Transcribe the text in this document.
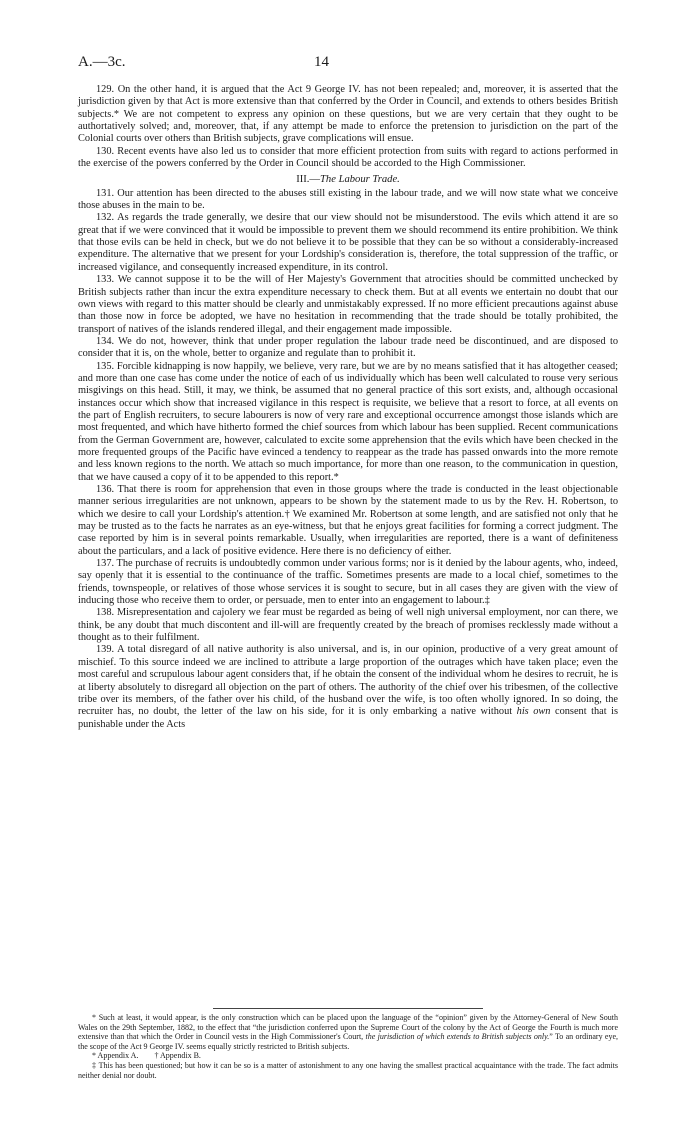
A.—3c.	14

129. On the other hand, it is argued that the Act 9 George IV. has not been repealed; and, moreover, it is asserted that the jurisdiction given by that Act is more extensive than that conferred by the Order in Council, and extends to others besides British subjects.* We are not competent to express any opinion on these questions, but we are very certain that they ought to be authortatively solved; and, moreover, that, if any attempt be made to enforce the pretension to jurisdiction on the part of the Colonial courts over others than British subjects, grave complications will ensue.

130. Recent events have also led us to consider that more efficient protection from suits with regard to actions performed in the exercise of the powers conferred by the Order in Council should be accorded to the High Commissioner.

III.—The Labour Trade.

131. Our attention has been directed to the abuses still existing in the labour trade, and we will now state what we conceive those abuses in the main to be.

132. As regards the trade generally, we desire that our view should not be misunderstood. The evils which attend it are so great that if we were convinced that it would be impossible to prevent them we should recommend its entire prohibition. We think that those evils can be held in check, but we do not believe it to be possible that they can be so without a considerably-increased expenditure. The alternative that we present for your Lordship's consideration is, therefore, the total suppression of the traffic, or increased vigilance, and consequently increased expenditure, in its control.

133. We cannot suppose it to be the will of Her Majesty's Government that atrocities should be committed unchecked by British subjects rather than incur the extra expenditure necessary to check them. But at all events we entertain no doubt that our own views with regard to this matter should be clearly and unmistakably expressed. If no more efficient precautions against abuse than those now in force be adopted, we have no hesitation in recommending that the trade should be totally prohibited, the transport of natives of the islands rendered illegal, and their engagement made impossible.

134. We do not, however, think that under proper regulation the labour trade need be discontinued, and are disposed to consider that it is, on the whole, better to organize and regulate than to prohibit it.

135. Forcible kidnapping is now happily, we believe, very rare, but we are by no means satisfied that it has altogether ceased; and more than one case has come under the notice of each of us individually which has been well calculated to rouse very serious misgivings on this head. Still, it may, we think, be assumed that no general practice of this sort exists, and, although occasional instances occur which show that increased vigilance in this respect is requisite, we believe that a resort to force, at all events on the part of English recruiters, to secure labourers is now of very rare and exceptional occurrence amongst those islands which are most frequented, and which have hitherto formed the chief sources from which labour has been supplied. Recent communications from the German Government are, however, calculated to excite some apprehension that the evils which have been checked in the more frequented groups of the Pacific have evinced a tendency to reappear as the trade has passed onwards into the more remote and less known regions to the north. We attach so much importance, for more than one reason, to the communication in question, that we have caused a copy of it to be appended to this report.*

136. That there is room for apprehension that even in those groups where the trade is conducted in the least objectionable manner serious irregularities are not unknown, appears to be shown by the statement made to us by the Rev. H. Robertson, to which we desire to call your Lordship's attention.† We examined Mr. Robertson at some length, and are satisfied not only that he may be trusted as to the facts he narrates as an eye-witness, but that he enjoys great facilities for forming a correct judgment. The case reported by him is in several points remarkable. Usually, when irregularities are reported, there is a want of definiteness about the particulars, and a lack of positive evidence. Here there is no deficiency of either.

137. The purchase of recruits is undoubtedly common under various forms; nor is it denied by the labour agents, who, indeed, say openly that it is essential to the continuance of the traffic. Sometimes presents are made to a local chief, sometimes to the friends, townspeople, or relatives of those whose services it is sought to secure, but in all cases they are given with the view of inducing those who receive them to order, or persuade, men to enter into an engagement to labour.‡

138. Misrepresentation and cajolery we fear must be regarded as being of well nigh universal employment, nor can there, we think, be any doubt that much discontent and ill-will are frequently created by the breach of promises recklessly made without a thought as to their fulfilment.

139. A total disregard of all native authority is also universal, and is, in our opinion, productive of a very great amount of mischief. To this source indeed we are inclined to attribute a large proportion of the outrages which have taken place; even the most careful and scrupulous labour agent considers that, if he obtain the consent of the individual whom he desires to recruit, he is at liberty absolutely to disregard all objection on the part of others. The authority of the chief over his tribesmen, of the collective tribe over its members, of the father over his child, of the husband over the wife, is too often wholly ignored. In so doing, the recruiter has, no doubt, the letter of the law on his side, for it is only embarking a native without his own consent that is punishable under the Acts

* Such at least, it would appear, is the only construction which can be placed upon the language of the “opinion” given by the Attorney-General of New South Wales on the 29th September, 1882, to the effect that “the jurisdiction conferred upon the Supreme Court of the colony by the Act of George the Fourth is much more extensive than that which the Order in Council vests in the High Commissioner's Court, the jurisdiction of which extends to British subjects only.” To an ordinary eye, the scope of the Act 9 George IV. seems equally strictly restricted to British subjects.

* Appendix A. † Appendix B.

‡ This has been questioned; but how it can be so is a matter of astonishment to any one having the smallest practical acquaintance with the trade. The fact admits neither denial nor doubt.
